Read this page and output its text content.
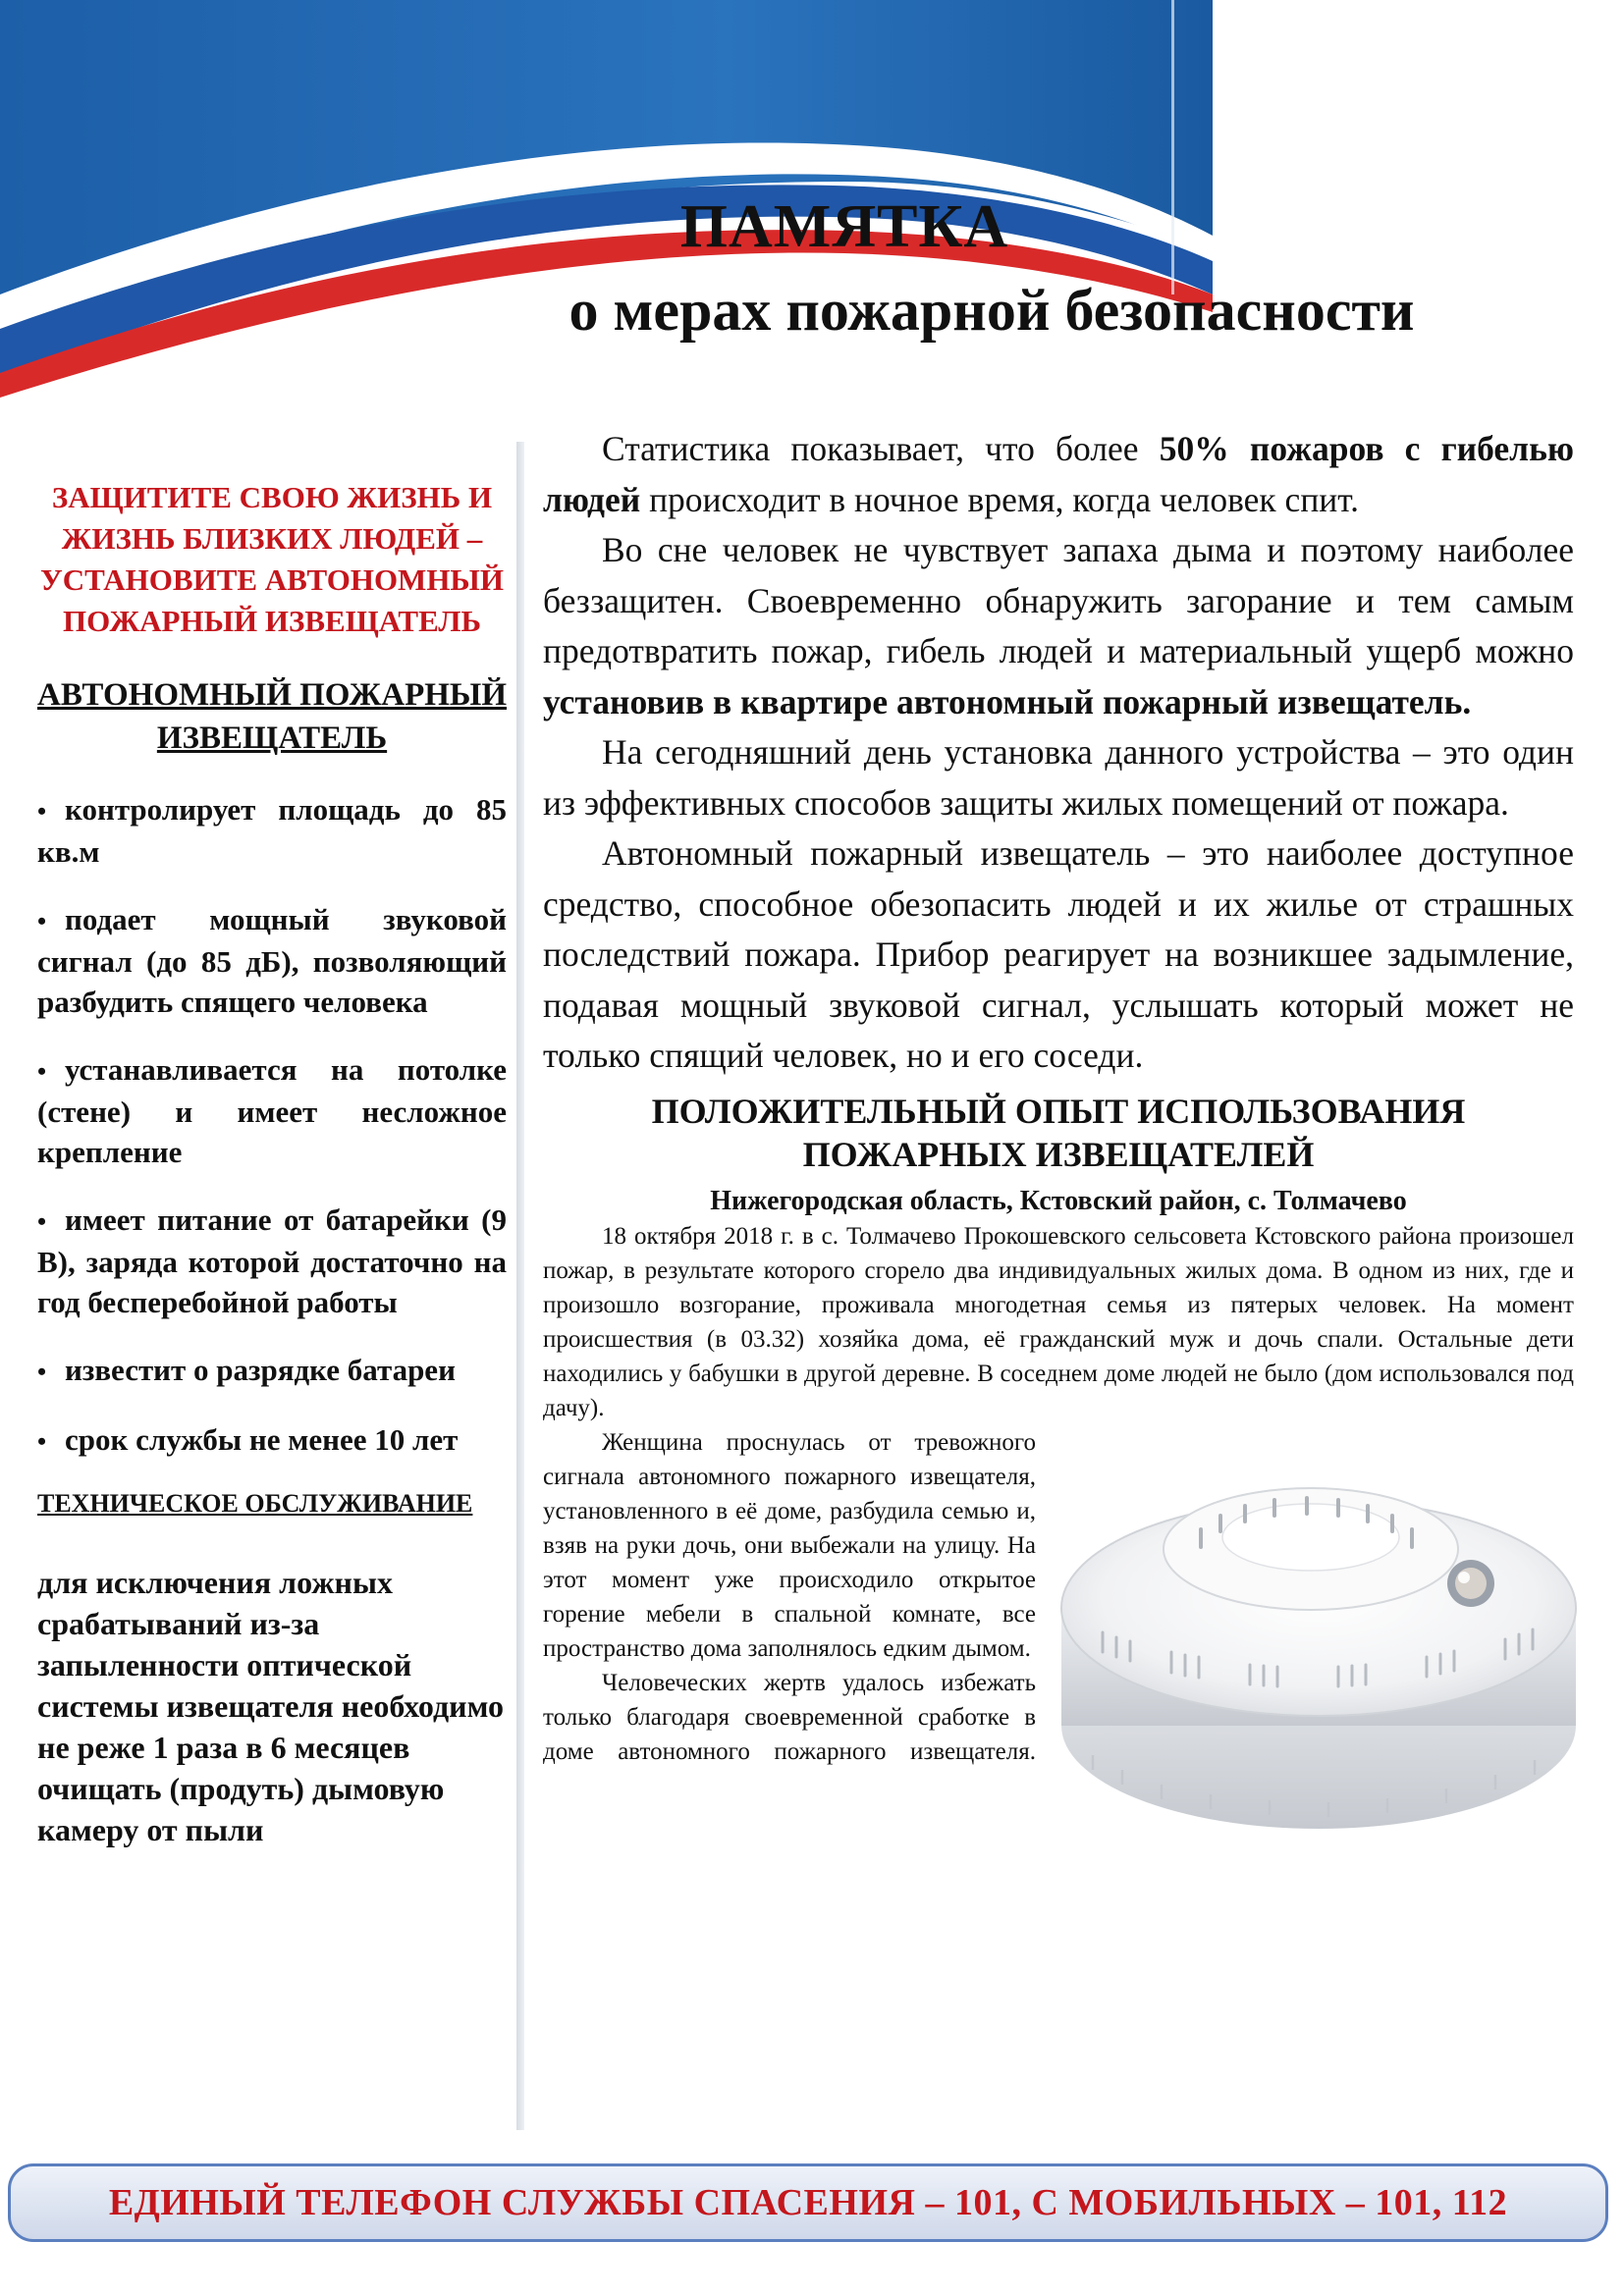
ПАМЯТКА
о мерах пожарной безопасности
ЗАЩИТИТЕ СВОЮ ЖИЗНЬ И ЖИЗНЬ БЛИЗКИХ ЛЮДЕЙ – УСТАНОВИТЕ АВТОНОМНЫЙ ПОЖАРНЫЙ ИЗВЕЩАТЕЛЬ
АВТОНОМНЫЙ ПОЖАРНЫЙ ИЗВЕЩАТЕЛЬ
• контролирует площадь до 85 кв.м
• подает мощный звуковой сигнал (до 85 дБ), позволяющий разбудить спящего человека
• устанавливается на потолке (стене) и имеет несложное крепление
• имеет питание от батарейки (9 В), заряда которой достаточно на год бесперебойной работы
• известит о разрядке батареи
• срок службы не менее 10 лет
ТЕХНИЧЕСКОЕ ОБСЛУЖИВАНИЕ
для исключения ложных срабатываний из-за запыленности оптической системы извещателя необходимо не реже 1 раза в 6 месяцев очищать (продуть) дымовую камеру от пыли

Статистика показывает, что более 50% пожаров с гибелью людей происходит в ночное время, когда человек спит.

Во сне человек не чувствует запаха дыма и поэтому наиболее беззащитен. Своевременно обнаружить загорание и тем самым предотвратить пожар, гибель людей и материальный ущерб можно установив в квартире автономный пожарный извещатель.

На сегодняшний день установка данного устройства – это один из эффективных способов защиты жилых помещений от пожара.

Автономный пожарный извещатель – это наиболее доступное средство, способное обезопасить людей и их жилье от страшных последствий пожара. Прибор реагирует на возникшее задымление, подавая мощный звуковой сигнал, услышать который может не только спящий человек, но и его соседи.

ПОЛОЖИТЕЛЬНЫЙ ОПЫТ ИСПОЛЬЗОВАНИЯ ПОЖАРНЫХ ИЗВЕЩАТЕЛЕЙ
Нижегородская область, Кстовский район, с. Толмачево

18 октября 2018 г. в с. Толмачево Прокошевского сельсовета Кстовского района произошел пожар, в результате которого сгорело два индивидуальных жилых дома. В одном из них, где и произошло возгорание, проживала многодетная семья из пятерых человек. На момент происшествия (в 03.32) хозяйка дома, её гражданский муж и дочь спали. Остальные дети находились у бабушки в другой деревне. В соседнем доме людей не было (дом использовался под дачу).

Женщина проснулась от тревожного сигнала автономного пожарного извещателя, установленного в её доме, разбудила семью и, взяв на руки дочь, они выбежали на улицу. На этот момент уже происходило открытое горение мебели в спальной комнате, все пространство дома заполнялось едким дымом.

Человеческих жертв удалось избежать только благодаря своевременной сработке в доме автономного пожарного извещателя.

ЕДИНЫЙ ТЕЛЕФОН СЛУЖБЫ СПАСЕНИЯ – 101, С МОБИЛЬНЫХ – 101, 112
